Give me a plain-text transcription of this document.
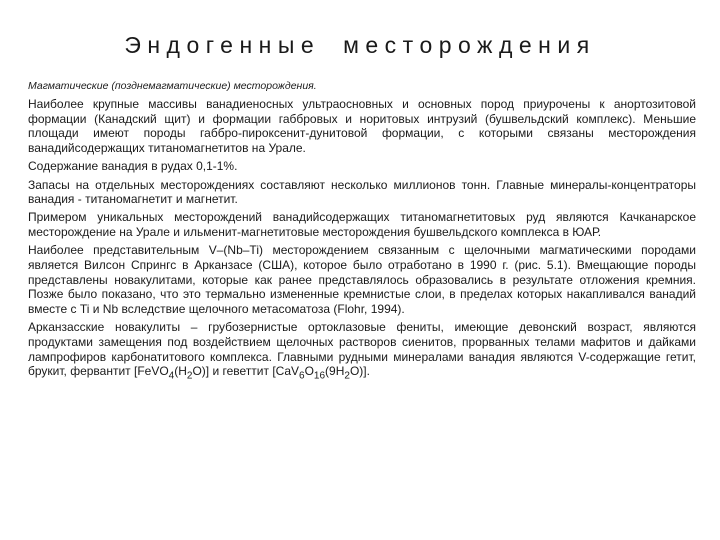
Эндогенные месторождения
Магматические (позднемагматические) месторождения.

Наиболее крупные массивы ванадиеносных ультраосновных и основных пород приурочены к анортозитовой формации (Канадский щит) и формации габбровых и норитовых интрузий (бушвельдский комплекс). Меньшие площади имеют породы габбро-пироксенит-дунитовой формации, с которыми связаны месторождения ванадийсодержащих титаномагнетитов на Урале.

Содержание ванадия в рудах 0,1-1%.

Запасы на отдельных месторождениях составляют несколько миллионов тонн. Главные минералы-концентраторы ванадия - титаномагнетит и магнетит.

Примером уникальных месторождений ванадийсодержащих титаномагнетитовых руд являются Качканарское месторождение на Урале и ильменит-магнетитовые месторождения бушвельдского комплекса в ЮАР.

Наиболее представительным V–(Nb–Ti) месторождением связанным с щелочными магматическими породами является Вилсон Спрингс в Арканзасе (США), которое было отработано в 1990 г. (рис. 5.1). Вмещающие породы представлены новакулитами, которые как ранее представлялось образовались в результате отложения кремния. Позже было показано, что это термально измененные кремнистые слои, в пределах которых накапливался ванадий вместе с Ti и Nb вследствие щелочного метасоматоза (Flohr, 1994).

Арканзасские новакулиты – грубозернистые ортоклазовые фениты, имеющие девонский возраст, являются продуктами замещения под воздействием щелочных растворов сиенитов, прорванных телами мафитов и дайками лампрофиров карбонатитового комплекса. Главными рудными минералами ванадия являются V-содержащие гетит, брукит, фервантит $[FeVO_4(H_2O)]$ и геветтит $[CaV_6O_{16}(9H_2O)]$.
